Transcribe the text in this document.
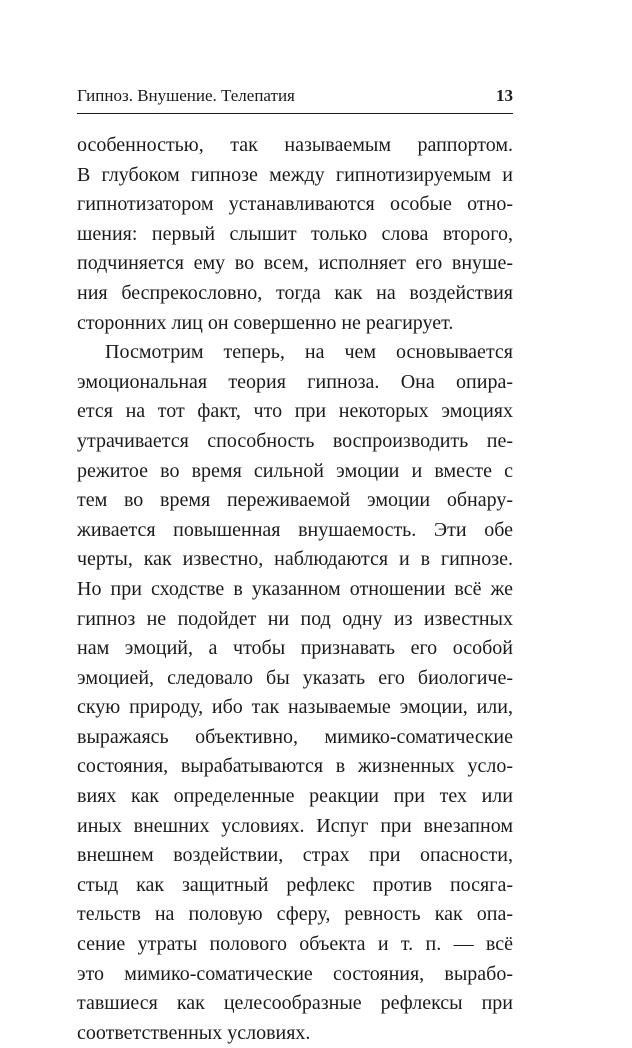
Гипноз. Внушение. Телепатия	13
особенностью, так называемым раппортом.
В глубоком гипнозе между гипнотизируемым и
гипнотизатором устанавливаются особые отно-
шения: первый слышит только слова второго,
подчиняется ему во всем, исполняет его внуше-
ния беспрекословно, тогда как на воздействия
сторонних лиц он совершенно не реагирует.
Посмотрим теперь, на чем основывается
эмоциональная теория гипноза. Она опира-
ется на тот факт, что при некоторых эмоциях
утрачивается способность воспроизводить пе-
режитое во время сильной эмоции и вместе с
тем во время переживаемой эмоции обнару-
живается повышенная внушаемость. Эти обе
черты, как известно, наблюдаются и в гипнозе.
Но при сходстве в указанном отношении всё же
гипноз не подойдет ни под одну из известных
нам эмоций, а чтобы признавать его особой
эмоцией, следовало бы указать его биологиче-
скую природу, ибо так называемые эмоции, или,
выражаясь объективно, мимико-соматические
состояния, вырабатываются в жизненных усло-
виях как определенные реакции при тех или
иных внешних условиях. Испуг при внезапном
внешнем воздействии, страх при опасности,
стыд как защитный рефлекс против посяга-
тельств на половую сферу, ревность как опа-
сение утраты полового объекта и т. п. — всё
это мимико-соматические состояния, вырабо-
тавшиеся как целесообразные рефлексы при
соответственных условиях.
